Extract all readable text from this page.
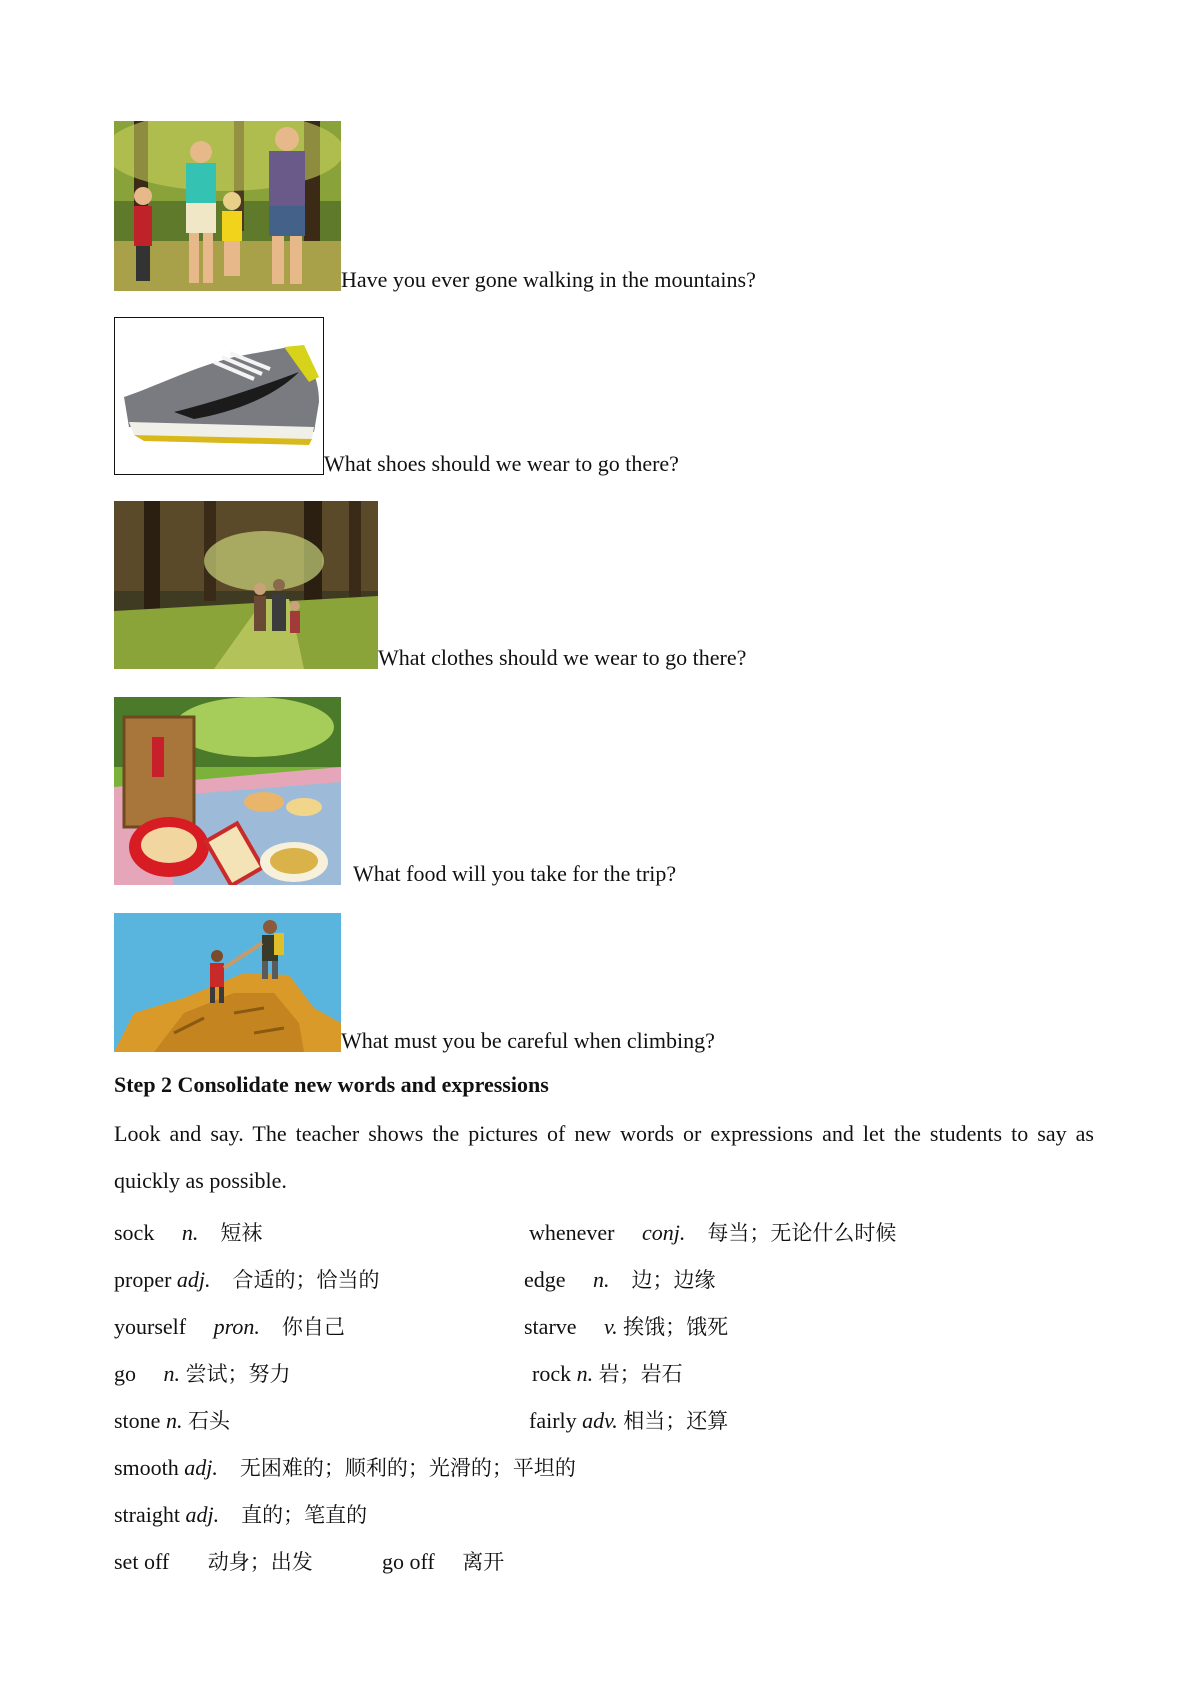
Have you ever gone walking in the mountains?
What shoes should we wear to go there?
What clothes should we wear to go there?
What food will you take for the trip?
What must you be careful when climbing?
Step 2 Consolidate new words and expressions
Look and say. The teacher shows the pictures of new words or expressions and let the students to say as quickly as possible.
sock n. 短袜	whenever conj. 每当；无论什么时候
proper adj. 合适的；恰当的	edge n. 边；边缘
yourself pron. 你自己	starve v. 挨饿；饿死
go n. 尝试；努力	rock n. 岩；岩石
stone n. 石头	fairly adv. 相当；还算
smooth adj. 无困难的；顺利的；光滑的；平坦的
straight adj. 直的；笔直的
set off 动身；出发	go off 离开
